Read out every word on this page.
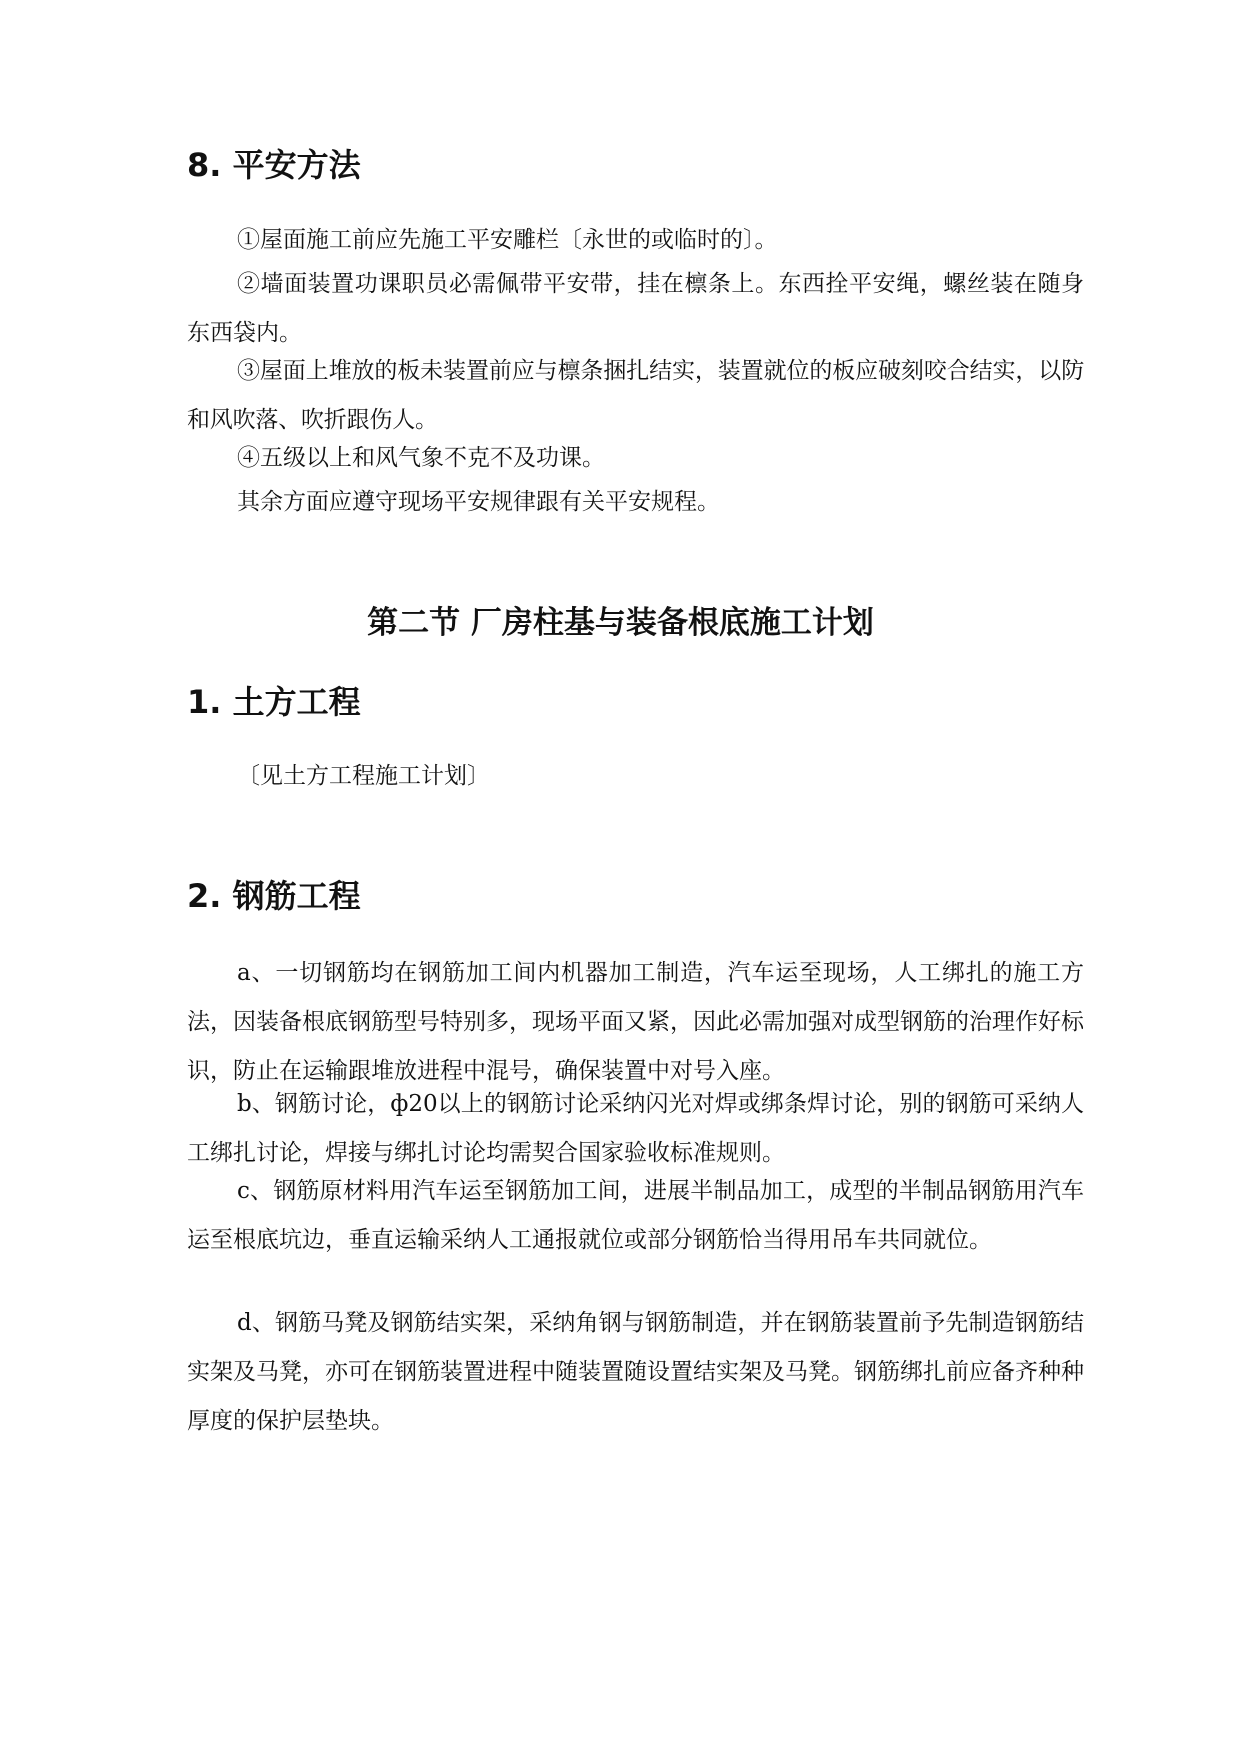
8. 平安方法

①屋面施工前应先施工平安雕栏〔永世的或临时的〕。

②墙面装置功课职员必需佩带平安带，挂在檩条上。东西拴平安绳，螺丝装在随身东西袋内。

③屋面上堆放的板未装置前应与檩条捆扎结实，装置就位的板应破刻咬合结实，以防和风吹落、吹折跟伤人。

④五级以上和风气象不克不及功课。

其余方面应遵守现场平安规律跟有关平安规程。

第二节 厂房柱基与装备根底施工计划
1. 土方工程

〔见土方工程施工计划〕

2. 钢筋工程

a、一切钢筋均在钢筋加工间内机器加工制造，汽车运至现场，人工绑扎的施工方法，因装备根底钢筋型号特别多，现场平面又紧，因此必需加强对成型钢筋的治理作好标识，防止在运输跟堆放进程中混号，确保装置中对号入座。

b、钢筋讨论，ф20以上的钢筋讨论采纳闪光对焊或绑条焊讨论，别的钢筋可采纳人工绑扎讨论，焊接与绑扎讨论均需契合国家验收标准规则。

c、钢筋原材料用汽车运至钢筋加工间，进展半制品加工，成型的半制品钢筋用汽车运至根底坑边，垂直运输采纳人工通报就位或部分钢筋恰当得用吊车共同就位。

d、钢筋马凳及钢筋结实架，采纳角钢与钢筋制造，并在钢筋装置前予先制造钢筋结实架及马凳，亦可在钢筋装置进程中随装置随设置结实架及马凳。钢筋绑扎前应备齐种种厚度的保护层垫块。
